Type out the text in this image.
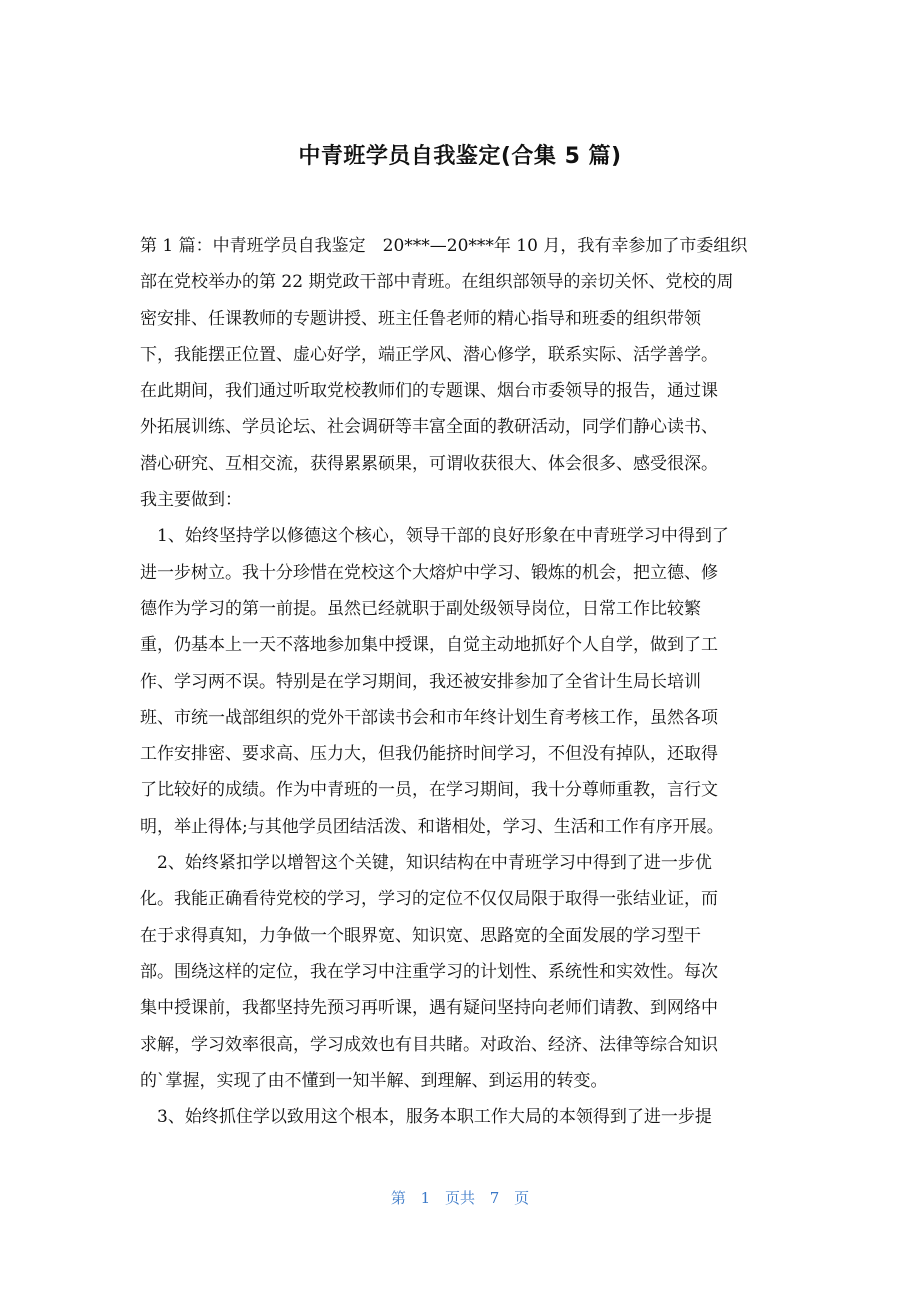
中青班学员自我鉴定(合集 5 篇)
第 1 篇：中青班学员自我鉴定　20***—20***年 10 月，我有幸参加了市委组织
部在党校举办的第 22 期党政干部中青班。在组织部领导的亲切关怀、党校的周
密安排、任课教师的专题讲授、班主任鲁老师的精心指导和班委的组织带领
下，我能摆正位置、虚心好学，端正学风、潜心修学，联系实际、活学善学。
在此期间，我们通过听取党校教师们的专题课、烟台市委领导的报告，通过课
外拓展训练、学员论坛、社会调研等丰富全面的教研活动，同学们静心读书、
潜心研究、互相交流，获得累累硕果，可谓收获很大、体会很多、感受很深。
我主要做到：
1、始终坚持学以修德这个核心，领导干部的良好形象在中青班学习中得到了
进一步树立。我十分珍惜在党校这个大熔炉中学习、锻炼的机会，把立德、修
德作为学习的第一前提。虽然已经就职于副处级领导岗位，日常工作比较繁
重，仍基本上一天不落地参加集中授课，自觉主动地抓好个人自学，做到了工
作、学习两不误。特别是在学习期间，我还被安排参加了全省计生局长培训
班、市统一战部组织的党外干部读书会和市年终计划生育考核工作，虽然各项
工作安排密、要求高、压力大，但我仍能挤时间学习，不但没有掉队，还取得
了比较好的成绩。作为中青班的一员，在学习期间，我十分尊师重教，言行文
明，举止得体;与其他学员团结活泼、和谐相处，学习、生活和工作有序开展。
2、始终紧扣学以增智这个关键，知识结构在中青班学习中得到了进一步优
化。我能正确看待党校的学习，学习的定位不仅仅局限于取得一张结业证，而
在于求得真知，力争做一个眼界宽、知识宽、思路宽的全面发展的学习型干
部。围绕这样的定位，我在学习中注重学习的计划性、系统性和实效性。每次
集中授课前，我都坚持先预习再听课，遇有疑问坚持向老师们请教、到网络中
求解，学习效率很高，学习成效也有目共睹。对政治、经济、法律等综合知识
的`掌握，实现了由不懂到一知半解、到理解、到运用的转变。
3、始终抓住学以致用这个根本，服务本职工作大局的本领得到了进一步提
第 1 页共 7 页
